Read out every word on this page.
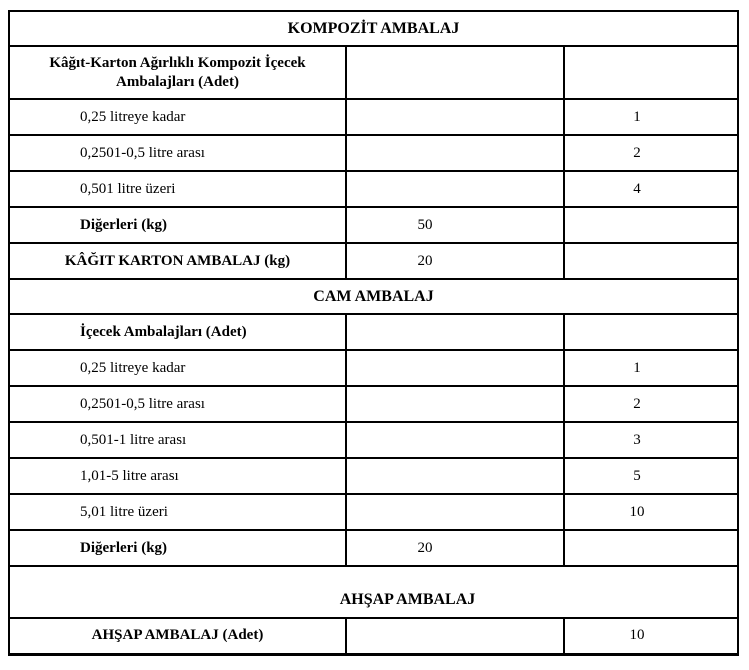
KOMPOZİT AMBALAJ		
Kâğıt-Karton Ağırlıklı Kompozit İçecek Ambalajları (Adet)		
0,25 litreye kadar		1
0,2501-0,5 litre arası		2
0,501 litre üzeri		4
Diğerleri (kg)	50	
KÂĞIT KARTON AMBALAJ (kg)	20	
CAM AMBALAJ		
İçecek Ambalajları (Adet)		
0,25 litreye kadar		1
0,2501-0,5 litre arası		2
0,501-1 litre arası		3
1,01-5 litre arası		5
5,01 litre üzeri		10
Diğerleri (kg)	20	
AHŞAP AMBALAJ		
AHŞAP AMBALAJ (Adet)		10
